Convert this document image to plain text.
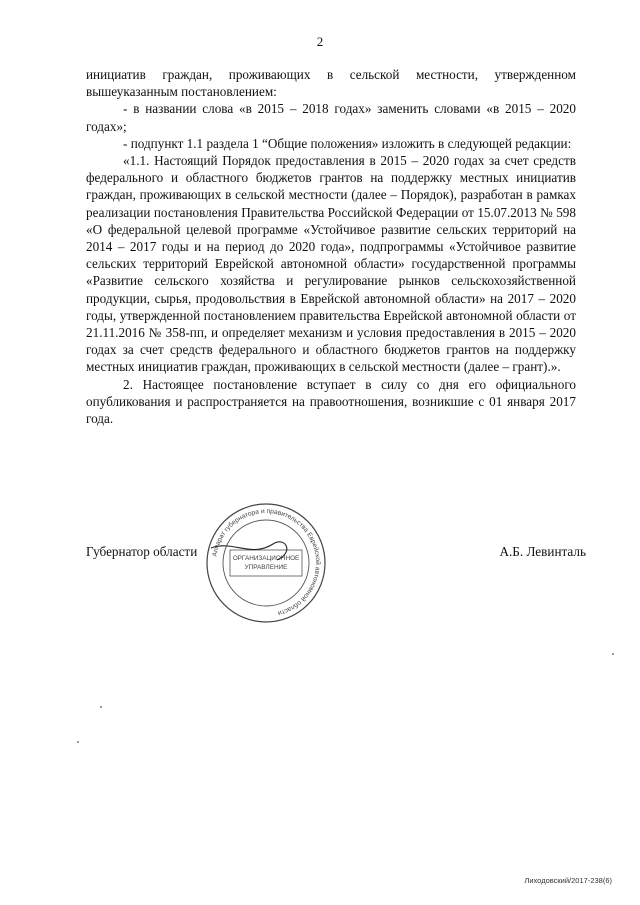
2

инициатив граждан, проживающих в сельской местности, утвержденном вышеуказанным постановлением:

- в названии слова «в 2015 – 2018 годах» заменить словами «в 2015 – 2020 годах»;

- подпункт 1.1 раздела 1 “Общие положения» изложить в следующей редакции:

«1.1. Настоящий Порядок предоставления в 2015 – 2020 годах за счет средств федерального и областного бюджетов грантов на поддержку местных инициатив граждан, проживающих в сельской местности (далее – Порядок), разработан в рамках реализации постановления Правительства Российской Федерации от 15.07.2013 № 598 «О федеральной целевой программе «Устойчивое развитие сельских территорий на 2014 – 2017 годы и на период до 2020 года», подпрограммы «Устойчивое развитие сельских территорий Еврейской автономной области» государственной программы «Развитие сельского хозяйства и регулирование рынков сельскохозяйственной продукции, сырья, продовольствия в Еврейской автономной области» на 2017 – 2020 годы, утвержденной постановлением правительства Еврейской автономной области от 21.11.2016 № 358-пп, и определяет механизм и условия предоставления в 2015 – 2020 годах за счет средств федерального и областного бюджетов грантов на поддержку местных инициатив граждан, проживающих в сельской местности (далее – грант).».

2. Настоящее постановление вступает в силу со дня его официального опубликования и распространяется на правоотношения, возникшие с 01 января 2017 года.

Губернатор области	А.Б. Левинталь
Аппарат губернатора и правительства Еврейской автономной области
ОРГАНИЗАЦИОННОЕ УПРАВЛЕНИЕ
Лиходовский/2017-238(6)
